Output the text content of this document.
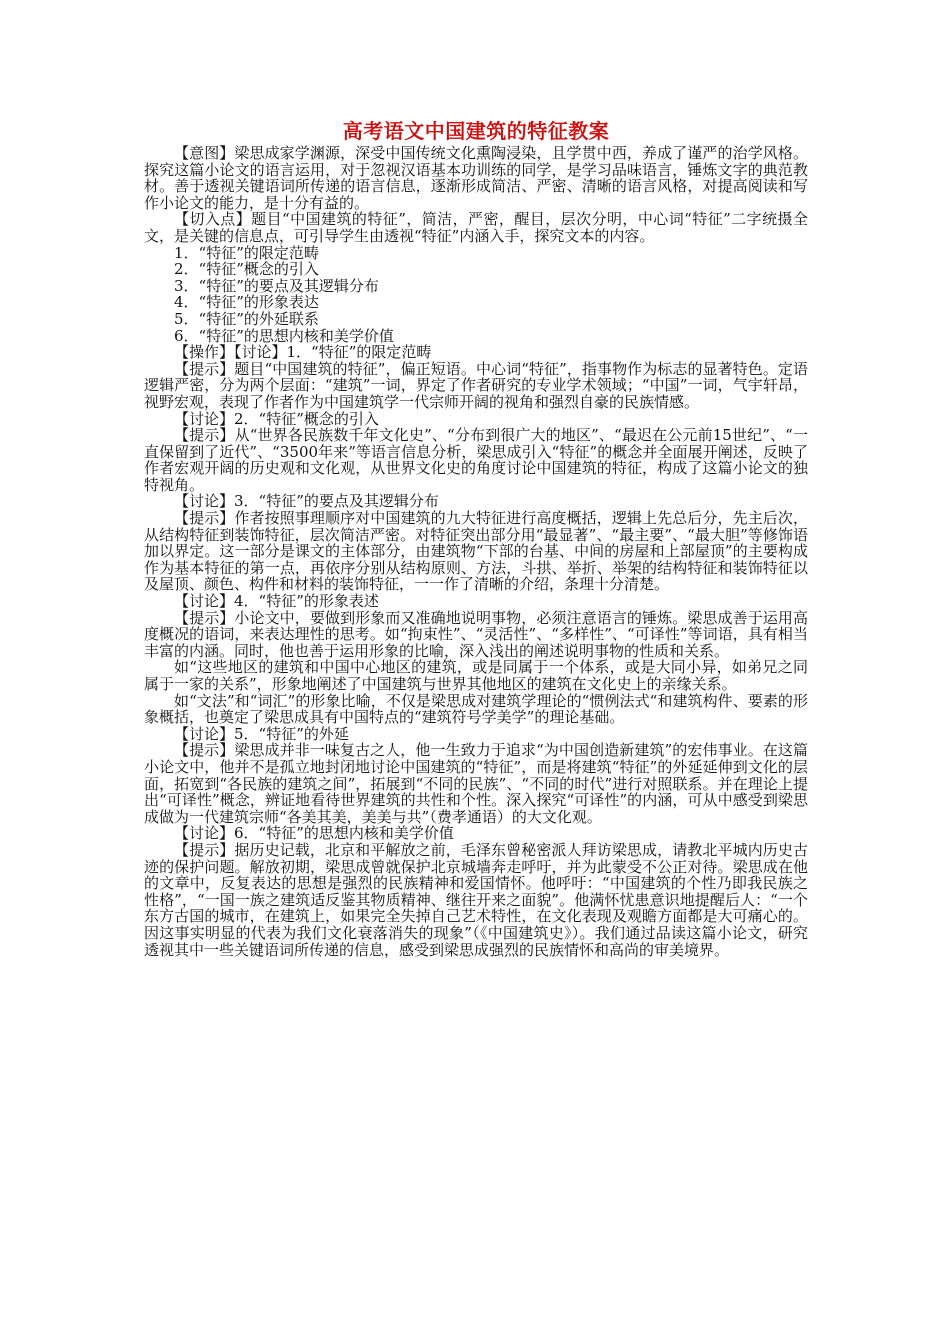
高考语文中国建筑的特征教案

【意图】梁思成家学渊源，深受中国传统文化熏陶浸染，且学贯中西，养成了谨严的治学风格。探究这篇小论文的语言运用，对于忽视汉语基本功训练的同学，是学习品味语言，锤炼文字的典范教材。善于透视关键语词所传递的语言信息，逐渐形成简洁、严密、清晰的语言风格，对提高阅读和写作小论文的能力，是十分有益的。

【切入点】题目“中国建筑的特征”，简洁，严密，醒目，层次分明，中心词“特征”二字统摄全文，是关键的信息点，可引导学生由透视“特征”内涵入手，探究文本的内容。

1．“特征”的限定范畴

2．“特征”概念的引入

3．“特征”的要点及其逻辑分布

4．“特征”的形象表达

5．“特征”的外延联系

6．“特征”的思想内核和美学价值

【操作】【讨论】1．“特征”的限定范畴

【提示】题目“中国建筑的特征”，偏正短语。中心词“特征”，指事物作为标志的显著特色。定语逻辑严密，分为两个层面：“建筑”一词，界定了作者研究的专业学术领域；“中国”一词，气宇轩昂，视野宏观，表现了作者作为中国建筑学一代宗师开阔的视角和强烈自豪的民族情感。

【讨论】2．“特征”概念的引入

【提示】从“世界各民族数千年文化史”、“分布到很广大的地区”、“最迟在公元前15世纪”、“一直保留到了近代”、“3500年来”等语言信息分析，梁思成引入“特征”的概念并全面展开阐述，反映了作者宏观开阔的历史观和文化观，从世界文化史的角度讨论中国建筑的特征，构成了这篇小论文的独特视角。

【讨论】3．“特征”的要点及其逻辑分布

【提示】作者按照事理顺序对中国建筑的九大特征进行高度概括，逻辑上先总后分，先主后次，从结构特征到装饰特征，层次简洁严密。对特征突出部分用“最显著”、“最主要”、“最大胆”等修饰语加以界定。这一部分是课文的主体部分，由建筑物“下部的台基、中间的房屋和上部屋顶”的主要构成作为基本特征的第一点，再依序分别从结构原则、方法，斗拱、举折、举架的结构特征和装饰特征以及屋顶、颜色、构件和材料的装饰特征，一一作了清晰的介绍，条理十分清楚。

【讨论】4．“特征”的形象表述

【提示】小论文中，要做到形象而又准确地说明事物，必须注意语言的锤炼。梁思成善于运用高度概况的语词，来表达理性的思考。如“拘束性”、“灵活性”、“多样性”、“可译性”等词语，具有相当丰富的内涵。同时，他也善于运用形象的比喻，深入浅出的阐述说明事物的性质和关系。

如“这些地区的建筑和中国中心地区的建筑，或是同属于一个体系，或是大同小异，如弟兄之同属于一家的关系”，形象地阐述了中国建筑与世界其他地区的建筑在文化史上的亲缘关系。

如“文法”和“词汇”的形象比喻，不仅是梁思成对建筑学理论的“惯例法式“和建筑构件、要素的形象概括，也奠定了梁思成具有中国特点的“建筑符号学美学”的理论基础。

【讨论】5．“特征”的外延

【提示】梁思成并非一味复古之人，他一生致力于追求“为中国创造新建筑”的宏伟事业。在这篇小论文中，他并不是孤立地封闭地讨论中国建筑的“特征”，而是将建筑“特征”的外延延伸到文化的层面，拓宽到“各民族的建筑之间”，拓展到“不同的民族”、“不同的时代”进行对照联系。并在理论上提出“可译性”概念，辨证地看待世界建筑的共性和个性。深入探究“可译性”的内涵，可从中感受到梁思成做为一代建筑宗师“各美其美，美美与共”（费孝通语）的大文化观。

【讨论】6．“特征”的思想内核和美学价值

【提示】据历史记载，北京和平解放之前，毛泽东曾秘密派人拜访梁思成，请教北平城内历史古迹的保护问题。解放初期，梁思成曾就保护北京城墙奔走呼吁，并为此蒙受不公正对待。梁思成在他的文章中，反复表达的思想是强烈的民族精神和爱国情怀。他呼吁：“中国建筑的个性乃即我民族之性格”，“一国一族之建筑适反鉴其物质精神、继往开来之面貌”。他满怀忧患意识地提醒后人：“一个东方古国的城市，在建筑上，如果完全失掉自己艺术特性，在文化表现及观瞻方面都是大可痛心的。因这事实明显的代表为我们文化衰落消失的现象”（《中国建筑史》）。我们通过品读这篇小论文，研究透视其中一些关键语词所传递的信息，感受到梁思成强烈的民族情怀和高尚的审美境界。
